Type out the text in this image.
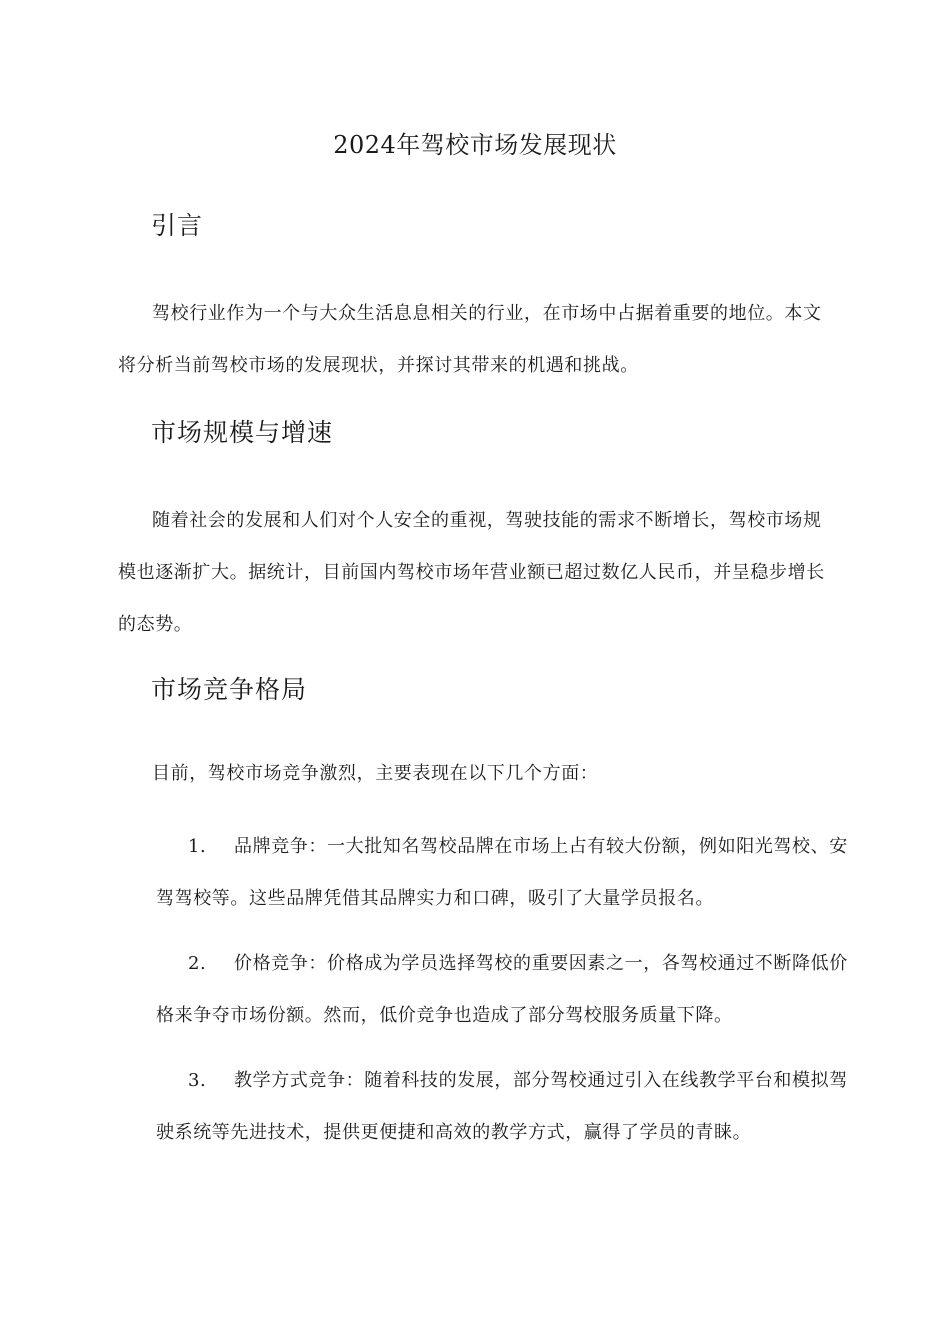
2024年驾校市场发展现状
引言
驾校行业作为一个与大众生活息息相关的行业，在市场中占据着重要的地位。本文将分析当前驾校市场的发展现状，并探讨其带来的机遇和挑战。
市场规模与增速
随着社会的发展和人们对个人安全的重视，驾驶技能的需求不断增长，驾校市场规模也逐渐扩大。据统计，目前国内驾校市场年营业额已超过数亿人民币，并呈稳步增长的态势。
市场竞争格局
目前，驾校市场竞争激烈，主要表现在以下几个方面：
1. 品牌竞争：一大批知名驾校品牌在市场上占有较大份额，例如阳光驾校、安驾驾校等。这些品牌凭借其品牌实力和口碑，吸引了大量学员报名。
2. 价格竞争：价格成为学员选择驾校的重要因素之一，各驾校通过不断降低价格来争夺市场份额。然而，低价竞争也造成了部分驾校服务质量下降。
3. 教学方式竞争：随着科技的发展，部分驾校通过引入在线教学平台和模拟驾驶系统等先进技术，提供更便捷和高效的教学方式，赢得了学员的青睐。
